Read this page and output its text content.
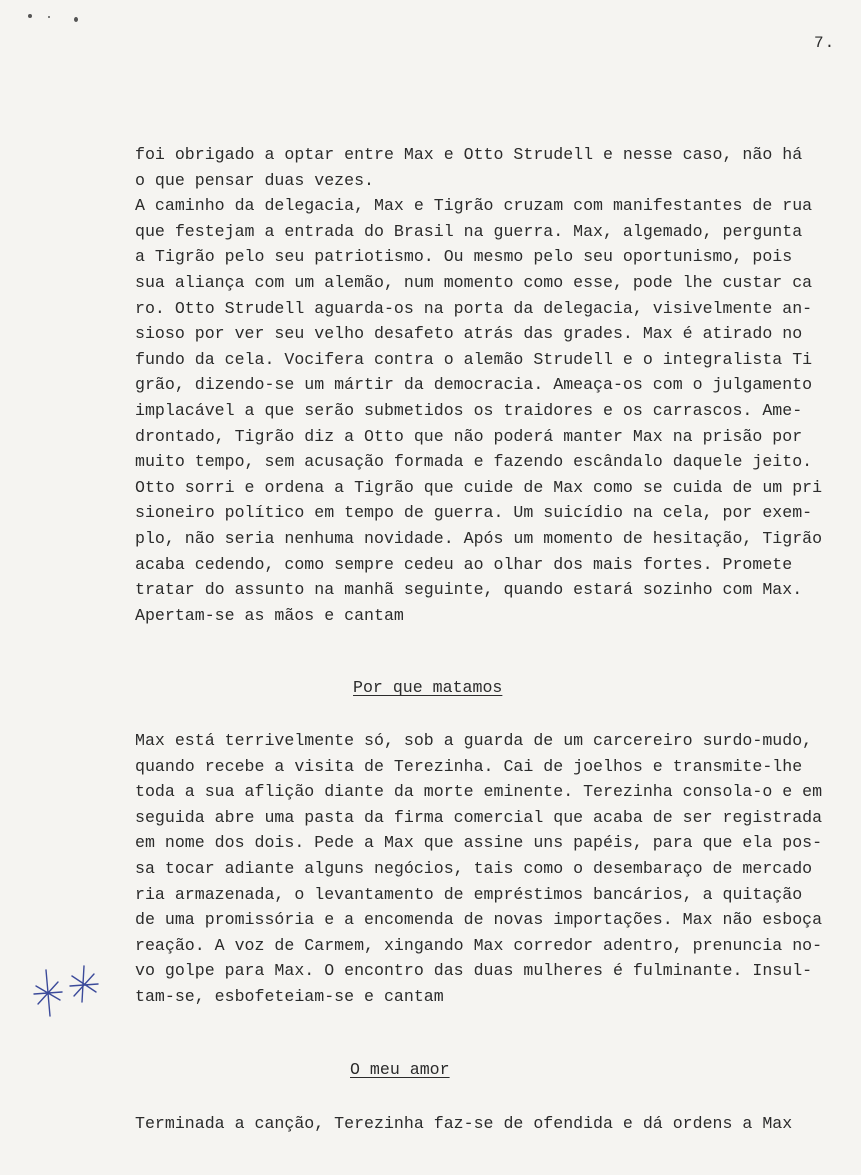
7.

foi obrigado a optar entre Max e Otto Strudell e nesse caso, não há

o que pensar duas vezes.

A caminho da delegacia, Max e Tigrão cruzam com manifestantes de rua

que festejam a entrada do Brasil na guerra. Max, algemado, pergunta

a Tigrão pelo seu patriotismo. Ou mesmo pelo seu oportunismo, pois

sua aliança com um alemão, num momento como esse, pode lhe custar ca

ro. Otto Strudell aguarda-os na porta da delegacia, visivelmente an-

sioso por ver seu velho desafeto atrás das grades. Max é atirado no

fundo da cela. Vocifera contra o alemão Strudell e o integralista Ti

grão, dizendo-se um mártir da democracia. Ameaça-os com o julgamento

implacável a que serão submetidos os traidores e os carrascos. Ame-

drontado, Tigrão diz a Otto que não poderá manter Max na prisão por

muito tempo, sem acusação formada e fazendo escândalo daquele jeito.

Otto sorri e ordena a Tigrão que cuide de Max como se cuida de um pri

sioneiro político em tempo de guerra. Um suicídio na cela, por exem-

plo, não seria nenhuma novidade. Após um momento de hesitação, Tigrão

acaba cedendo, como sempre cedeu ao olhar dos mais fortes. Promete

tratar do assunto na manhã seguinte, quando estará sozinho com Max.

Apertam-se as mãos e cantam

Por que matamos

Max está terrivelmente só, sob a guarda de um carcereiro surdo-mudo,

quando recebe a visita de Terezinha. Cai de joelhos e transmite-lhe

toda a sua aflição diante da morte eminente. Terezinha consola-o e em

seguida abre uma pasta da firma comercial que acaba de ser registrada

em nome dos dois. Pede a Max que assine uns papéis, para que ela pos-

sa tocar adiante alguns negócios, tais como o desembaraço de mercado

ria armazenada, o levantamento de empréstimos bancários, a quitação

de uma promissória e a encomenda de novas importações. Max não esboça

reação. A voz de Carmem, xingando Max corredor adentro, prenuncia no-

vo golpe para Max. O encontro das duas mulheres é fulminante. Insul-

tam-se, esbofeteiam-se e cantam

O meu amor

Terminada a canção, Terezinha faz-se de ofendida e dá ordens a Max
